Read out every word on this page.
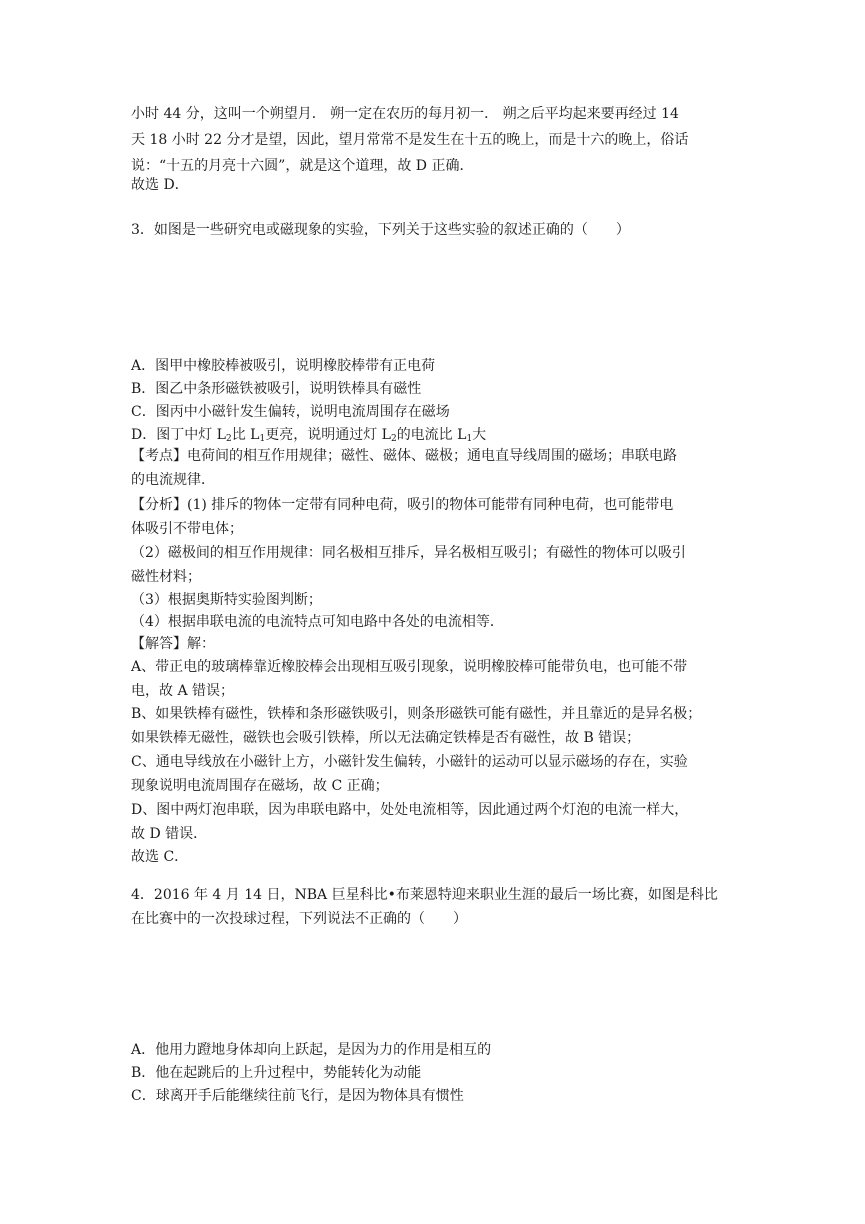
小时 44 分，这叫一个朔望月． 朔一定在农历的每月初一． 朔之后平均起来要再经过 14
天 18 小时 22 分才是望，因此，望月常常不是发生在十五的晚上，而是十六的晚上，俗话
说：“十五的月亮十六圆”，就是这个道理，故 D 正确．
故选 D．
3．如图是一些研究电或磁现象的实验，下列关于这些实验的叙述正确的（　　）
A．图甲中橡胶棒被吸引，说明橡胶棒带有正电荷
B．图乙中条形磁铁被吸引，说明铁棒具有磁性
C．图丙中小磁针发生偏转，说明电流周围存在磁场
D．图丁中灯 $L_2$比 $L_1$更亮，说明通过灯 $L_2$的电流比 $L_1$大
【考点】电荷间的相互作用规律；磁性、磁体、磁极；通电直导线周围的磁场；串联电路
的电流规律．
【分析】(1) 排斥的物体一定带有同种电荷，吸引的物体可能带有同种电荷，也可能带电
体吸引不带电体；
（2）磁极间的相互作用规律：同名极相互排斥，异名极相互吸引；有磁性的物体可以吸引
磁性材料；
（3）根据奥斯特实验图判断；
（4）根据串联电流的电流特点可知电路中各处的电流相等．
【解答】解：
A、带正电的玻璃棒靠近橡胶棒会出现相互吸引现象，说明橡胶棒可能带负电，也可能不带
电，故 A 错误；
B、如果铁棒有磁性，铁棒和条形磁铁吸引，则条形磁铁可能有磁性，并且靠近的是异名极；
如果铁棒无磁性，磁铁也会吸引铁棒，所以无法确定铁棒是否有磁性，故 B 错误；
C、通电导线放在小磁针上方，小磁针发生偏转，小磁针的运动可以显示磁场的存在，实验
现象说明电流周围存在磁场，故 C 正确；
D、图中两灯泡串联，因为串联电路中，处处电流相等，因此通过两个灯泡的电流一样大，
故 D 错误．
故选 C．
4．2016 年 4 月 14 日，NBA 巨星科比•布莱恩特迎来职业生涯的最后一场比赛，如图是科比
在比赛中的一次投球过程，下列说法不正确的（　　）
A．他用力蹬地身体却向上跃起，是因为力的作用是相互的
B．他在起跳后的上升过程中，势能转化为动能
C．球离开手后能继续往前飞行，是因为物体具有惯性
